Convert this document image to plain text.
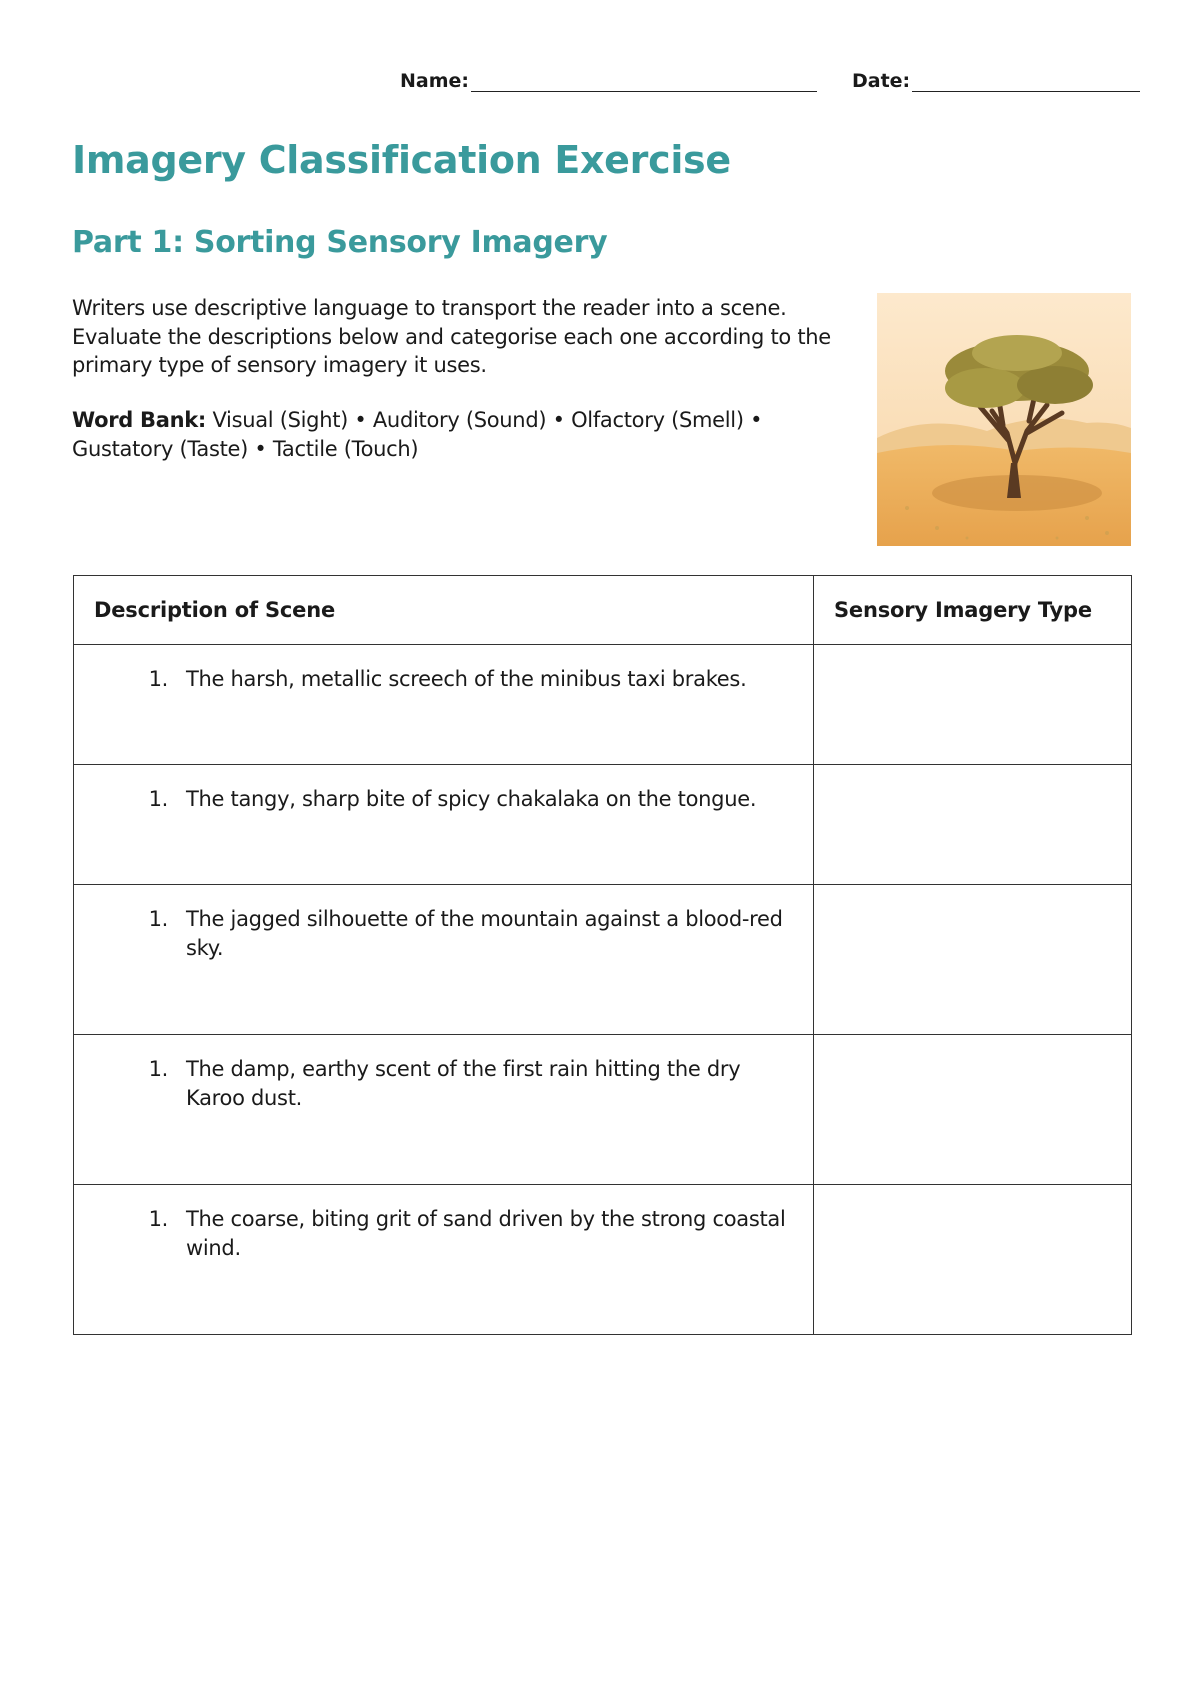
Name:	Date:
Imagery Classification Exercise
Part 1: Sorting Sensory Imagery

Writers use descriptive language to transport the reader into a scene. Evaluate the descriptions below and categorise each one according to the primary type of sensory imagery it uses.

Word Bank: Visual (Sight) • Auditory (Sound) • Olfactory (Smell) • Gustatory (Taste) • Tactile (Touch)

Description of Scene	Sensory Imagery Type

1. The harsh, metallic screech of the minibus taxi brakes.	

1. The tangy, sharp bite of spicy chakalaka on the tongue.	

1. The jagged silhouette of the mountain against a blood-red sky.	

1. The damp, earthy scent of the first rain hitting the dry Karoo dust.	

1. The coarse, biting grit of sand driven by the strong coastal wind.	
